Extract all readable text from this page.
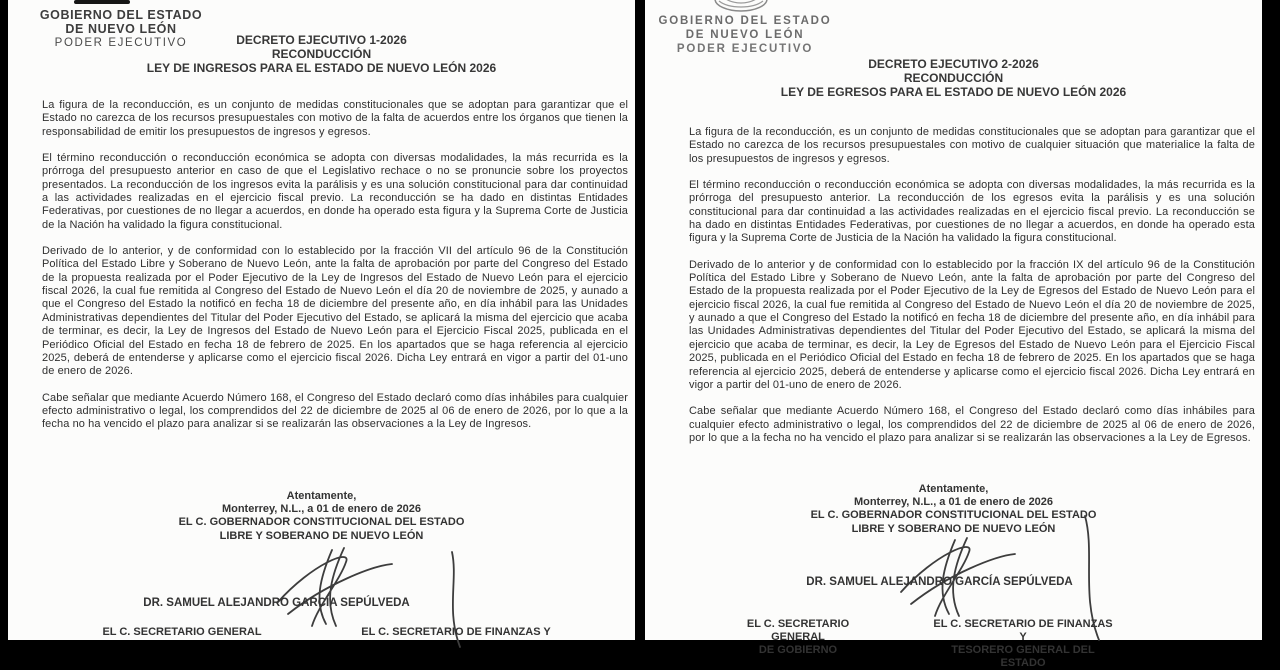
GOBIERNO DEL ESTADO
DE NUEVO LEÓN
PODER EJECUTIVO	DECRETO EJECUTIVO 1-2026
RECONDUCCIÓN
LEY DE INGRESOS PARA EL ESTADO DE NUEVO LEÓN 2026

La figura de la reconducción, es un conjunto de medidas constitucionales que se adoptan para garantizar que el Estado no carezca de los recursos presupuestales con motivo de la falta de acuerdos entre los órganos que tienen la responsabilidad de emitir los presupuestos de ingresos y egresos.

El término reconducción o reconducción económica se adopta con diversas modalidades, la más recurrida es la prórroga del presupuesto anterior en caso de que el Legislativo rechace o no se pronuncie sobre los proyectos presentados. La reconducción de los ingresos evita la parálisis y es una solución constitucional para dar continuidad a las actividades realizadas en el ejercicio fiscal previo. La reconducción se ha dado en distintas Entidades Federativas, por cuestiones de no llegar a acuerdos, en donde ha operado esta figura y la Suprema Corte de Justicia de la Nación ha validado la figura constitucional.

Derivado de lo anterior, y de conformidad con lo establecido por la fracción VII del artículo 96 de la Constitución Política del Estado Libre y Soberano de Nuevo León, ante la falta de aprobación por parte del Congreso del Estado de la propuesta realizada por el Poder Ejecutivo de la Ley de Ingresos del Estado de Nuevo León para el ejercicio fiscal 2026, la cual fue remitida al Congreso del Estado de Nuevo León el día 20 de noviembre de 2025, y aunado a que el Congreso del Estado la notificó en fecha 18 de diciembre del presente año, en día inhábil para las Unidades Administrativas dependientes del Titular del Poder Ejecutivo del Estado, se aplicará la misma del ejercicio que acaba de terminar, es decir, la Ley de Ingresos del Estado de Nuevo León para el Ejercicio Fiscal 2025, publicada en el Periódico Oficial del Estado en fecha 18 de febrero de 2025. En los apartados que se haga referencia al ejercicio 2025, deberá de entenderse y aplicarse como el ejercicio fiscal 2026. Dicha Ley entrará en vigor a partir del 01-uno de enero de 2026.

Cabe señalar que mediante Acuerdo Número 168, el Congreso del Estado declaró como días inhábiles para cualquier efecto administrativo o legal, los comprendidos del 22 de diciembre de 2025 al 06 de enero de 2026, por lo que a la fecha no ha vencido el plazo para analizar si se realizarán las observaciones a la Ley de Ingresos.

Atentamente,
Monterrey, N.L., a 01 de enero de 2026
EL C. GOBERNADOR CONSTITUCIONAL DEL ESTADO
LIBRE Y SOBERANO DE NUEVO LEÓN
DR. SAMUEL ALEJANDRO GARCÍA SEPÚLVEDA
EL C. SECRETARIO GENERAL	EL C. SECRETARIO DE FINANZAS Y
GOBIERNO DEL ESTADO
DE NUEVO LEÓN
PODER EJECUTIVO
DECRETO EJECUTIVO 2-2026
RECONDUCCIÓN
LEY DE EGRESOS PARA EL ESTADO DE NUEVO LEÓN 2026

La figura de la reconducción, es un conjunto de medidas constitucionales que se adoptan para garantizar que el Estado no carezca de los recursos presupuestales con motivo de cualquier situación que materialice la falta de los presupuestos de ingresos y egresos.

El término reconducción o reconducción económica se adopta con diversas modalidades, la más recurrida es la prórroga del presupuesto anterior. La reconducción de los egresos evita la parálisis y es una solución constitucional para dar continuidad a las actividades realizadas en el ejercicio fiscal previo. La reconducción se ha dado en distintas Entidades Federativas, por cuestiones de no llegar a acuerdos, en donde ha operado esta figura y la Suprema Corte de Justicia de la Nación ha validado la figura constitucional.

Derivado de lo anterior y de conformidad con lo establecido por la fracción IX del artículo 96 de la Constitución Política del Estado Libre y Soberano de Nuevo León, ante la falta de aprobación por parte del Congreso del Estado de la propuesta realizada por el Poder Ejecutivo de la Ley de Egresos del Estado de Nuevo León para el ejercicio fiscal 2026, la cual fue remitida al Congreso del Estado de Nuevo León el día 20 de noviembre de 2025, y aunado a que el Congreso del Estado la notificó en fecha 18 de diciembre del presente año, en día inhábil para las Unidades Administrativas dependientes del Titular del Poder Ejecutivo del Estado, se aplicará la misma del ejercicio que acaba de terminar, es decir, la Ley de Egresos del Estado de Nuevo León para el Ejercicio Fiscal 2025, publicada en el Periódico Oficial del Estado en fecha 18 de febrero de 2025. En los apartados que se haga referencia al ejercicio 2025, deberá de entenderse y aplicarse como el ejercicio fiscal 2026. Dicha Ley entrará en vigor a partir del 01-uno de enero de 2026.

Cabe señalar que mediante Acuerdo Número 168, el Congreso del Estado declaró como días inhábiles para cualquier efecto administrativo o legal, los comprendidos del 22 de diciembre de 2025 al 06 de enero de 2026, por lo que a la fecha no ha vencido el plazo para analizar si se realizarán las observaciones a la Ley de Egresos.

Atentamente,
Monterrey, N.L., a 01 de enero de 2026
EL C. GOBERNADOR CONSTITUCIONAL DEL ESTADO
LIBRE Y SOBERANO DE NUEVO LEÓN
DR. SAMUEL ALEJANDRO GARCÍA SEPÚLVEDA
EL C. SECRETARIO GENERAL
DE GOBIERNO
EL C. SECRETARIO DE FINANZAS Y
TESORERO GENERAL DEL ESTADO
